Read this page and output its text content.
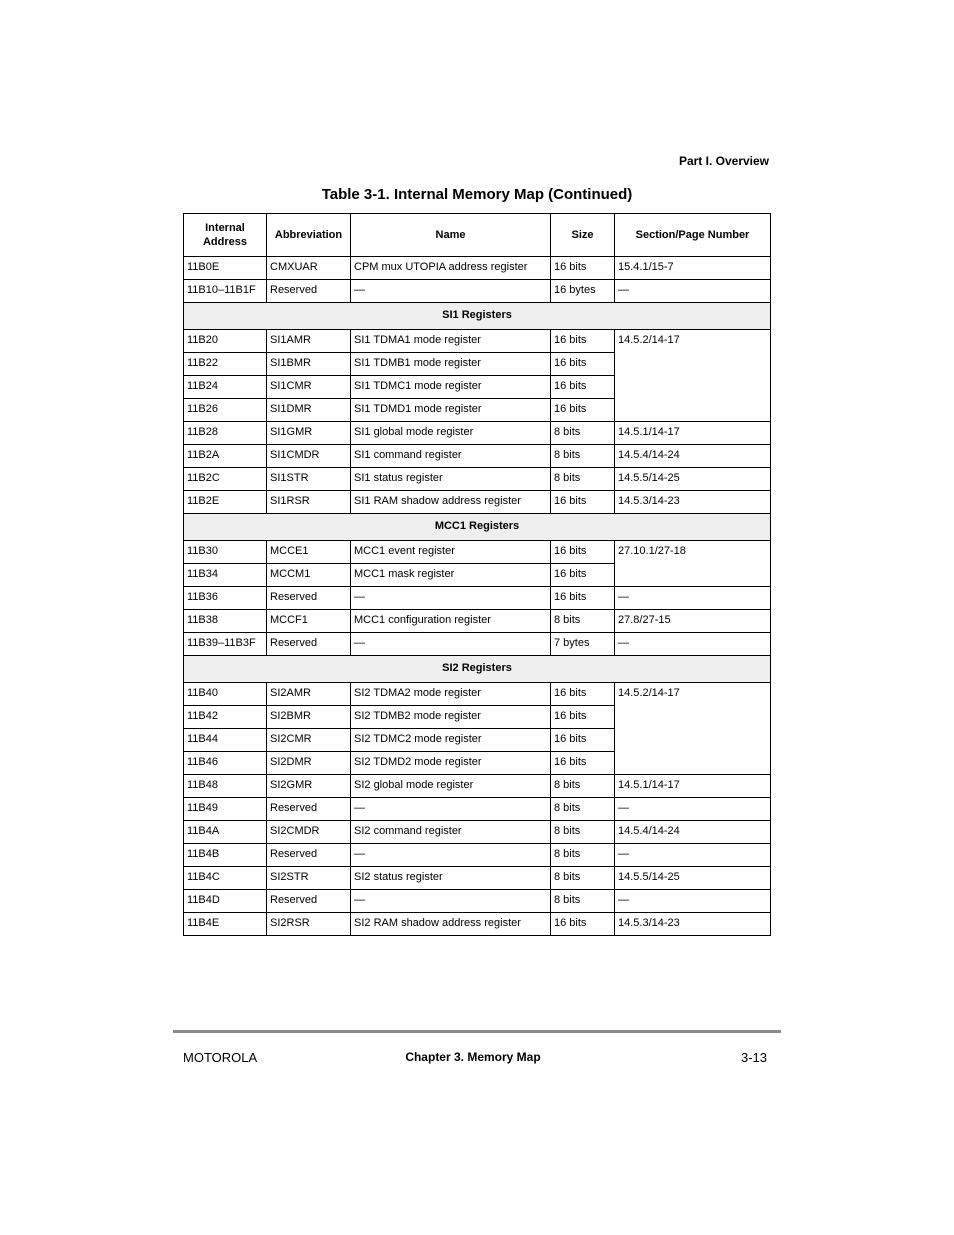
Part I. Overview
Table 3-1. Internal Memory Map (Continued)
Internal Address	Abbreviation	Name	Size	Section/Page Number
11B0E	CMXUAR	CPM mux UTOPIA address register	16 bits	15.4.1/15-7
11B10–11B1F	Reserved	—	16 bytes	—
SI1 Registers				
11B20	SI1AMR	SI1 TDMA1 mode register	16 bits	14.5.2/14-17
11B22	SI1BMR	SI1 TDMB1 mode register	16 bits	
11B24	SI1CMR	SI1 TDMC1 mode register	16 bits	
11B26	SI1DMR	SI1 TDMD1 mode register	16 bits	
11B28	SI1GMR	SI1 global mode register	8 bits	14.5.1/14-17
11B2A	SI1CMDR	SI1 command register	8 bits	14.5.4/14-24
11B2C	SI1STR	SI1 status register	8 bits	14.5.5/14-25
11B2E	SI1RSR	SI1 RAM shadow address register	16 bits	14.5.3/14-23
MCC1 Registers				
11B30	MCCE1	MCC1 event register	16 bits	27.10.1/27-18
11B34	MCCM1	MCC1 mask register	16 bits	
11B36	Reserved	—	16 bits	—
11B38	MCCF1	MCC1 configuration register	8 bits	27.8/27-15
11B39–11B3F	Reserved	—	7 bytes	—
SI2 Registers				
11B40	SI2AMR	SI2 TDMA2 mode register	16 bits	14.5.2/14-17
11B42	SI2BMR	SI2 TDMB2 mode register	16 bits	
11B44	SI2CMR	SI2 TDMC2 mode register	16 bits	
11B46	SI2DMR	SI2 TDMD2 mode register	16 bits	
11B48	SI2GMR	SI2 global mode register	8 bits	14.5.1/14-17
11B49	Reserved	—	8 bits	—
11B4A	SI2CMDR	SI2 command register	8 bits	14.5.4/14-24
11B4B	Reserved	—	8 bits	—
11B4C	SI2STR	SI2 status register	8 bits	14.5.5/14-25
11B4D	Reserved	—	8 bits	—
11B4E	SI2RSR	SI2 RAM shadow address register	16 bits	14.5.3/14-23
MOTOROLA	Chapter 3. Memory Map	3-13
